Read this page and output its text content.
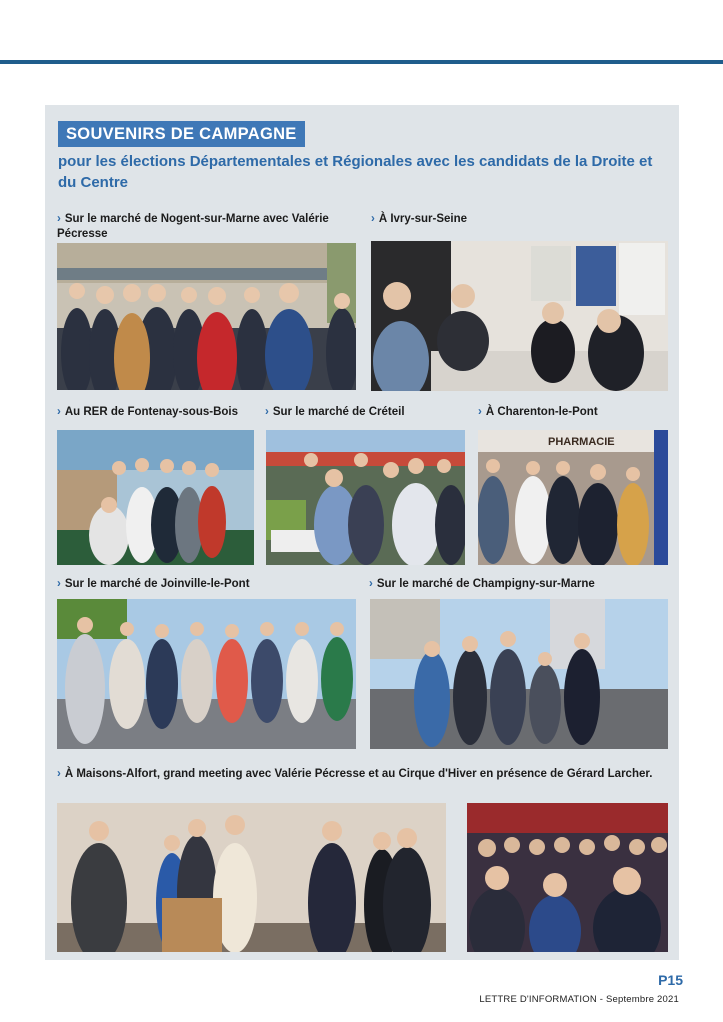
SOUVENIRS DE CAMPAGNE
pour les élections Départementales et Régionales avec les candidats de la Droite et du Centre
› Sur le marché de Nogent-sur-Marne avec Valérie Pécresse
› À Ivry-sur-Seine
› Au RER de Fontenay-sous-Bois	› Sur le marché de Créteil	› À Charenton-le-Pont
PHARMACIE
› Sur le marché de Joinville-le-Pont	› Sur le marché de Champigny-sur-Marne
› À Maisons-Alfort, grand meeting avec Valérie Pécresse et au Cirque d'Hiver en présence de Gérard Larcher.
P15
LETTRE D'INFORMATION - Septembre 2021
